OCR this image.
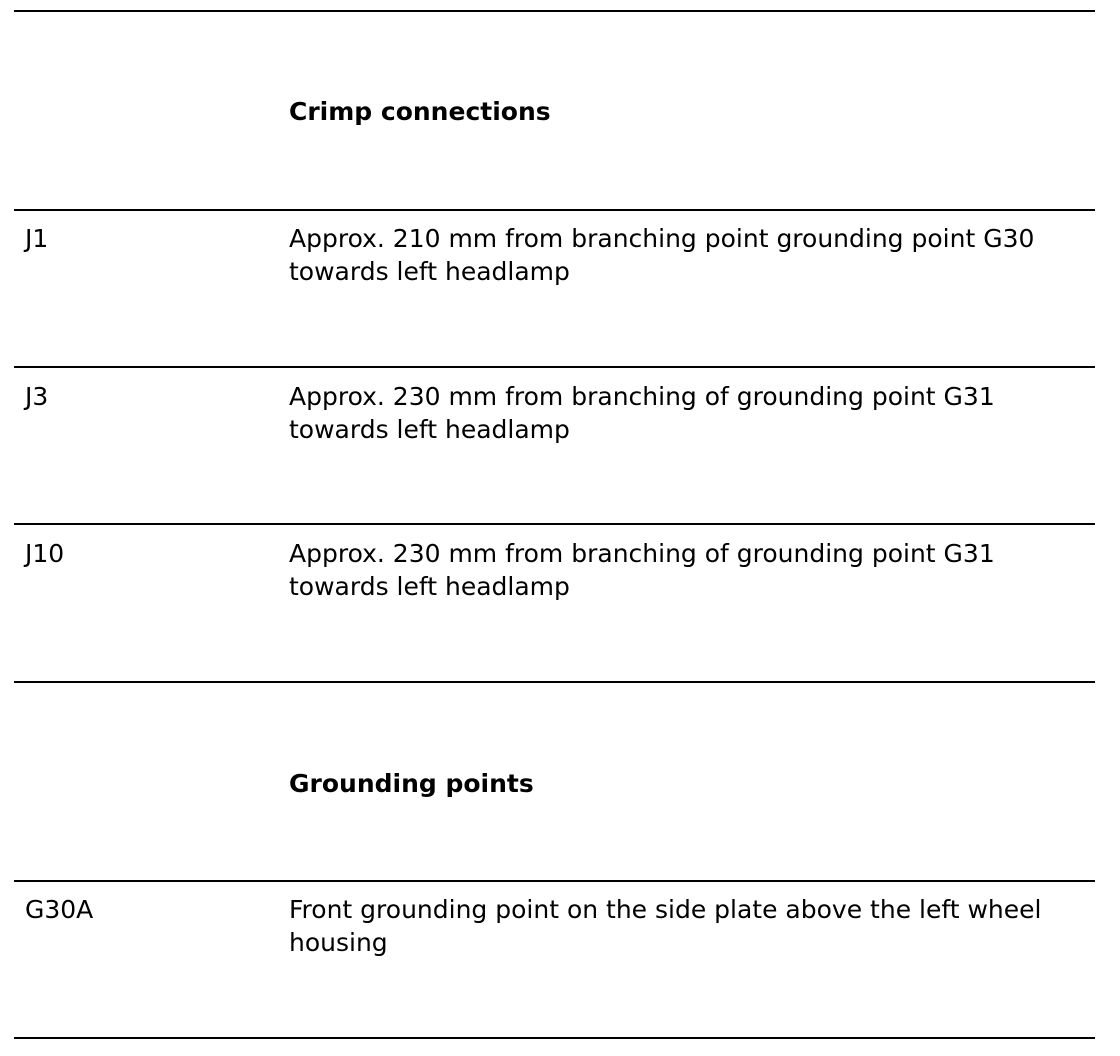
Crimp connections
J1	Approx. 210 mm from branching point grounding point G30 towards left headlamp
J3	Approx. 230 mm from branching of grounding point G31 towards left headlamp
J10	Approx. 230 mm from branching of grounding point G31 towards left headlamp
Grounding points
G30A	Front grounding point on the side plate above the left wheel housing
